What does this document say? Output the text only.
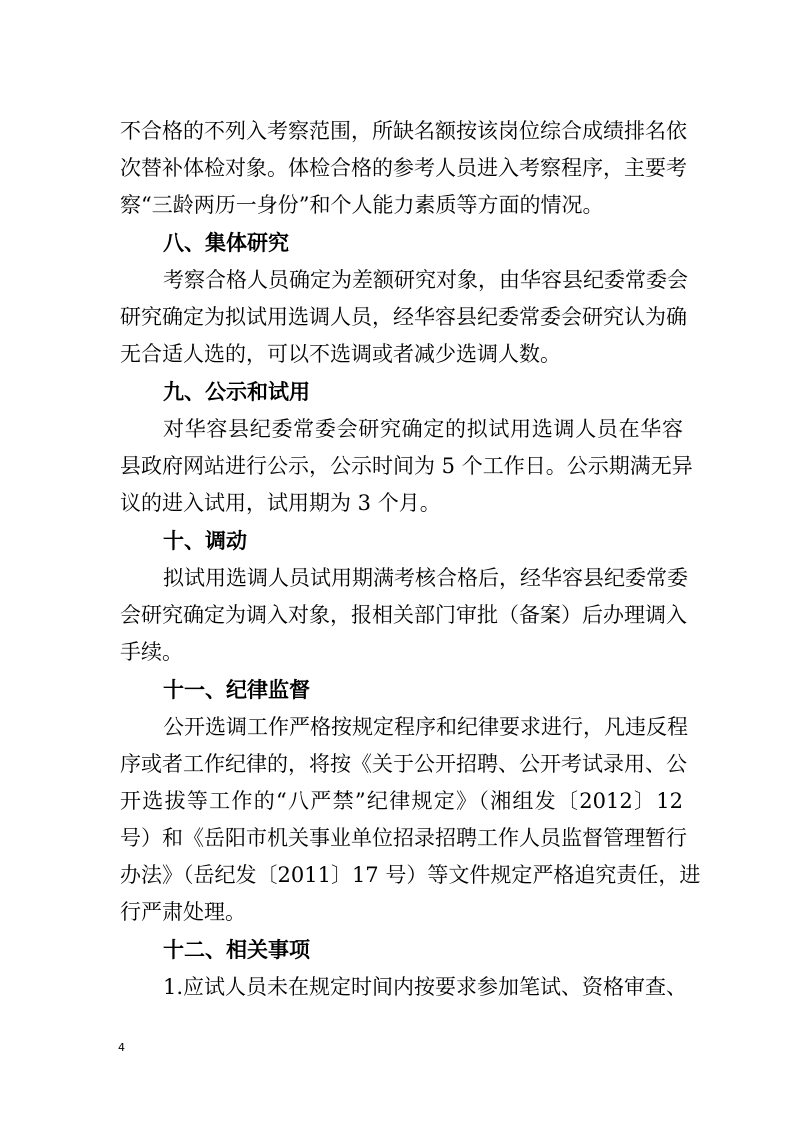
不合格的不列入考察范围，所缺名额按该岗位综合成绩排名依
次替补体检对象。体检合格的参考人员进入考察程序，主要考
察“三龄两历一身份”和个人能力素质等方面的情况。
八、集体研究
考察合格人员确定为差额研究对象，由华容县纪委常委会
研究确定为拟试用选调人员，经华容县纪委常委会研究认为确
无合适人选的，可以不选调或者减少选调人数。
九、公示和试用
对华容县纪委常委会研究确定的拟试用选调人员在华容
县政府网站进行公示，公示时间为 5 个工作日。公示期满无异
议的进入试用，试用期为 3 个月。
十、调动
拟试用选调人员试用期满考核合格后，经华容县纪委常委
会研究确定为调入对象，报相关部门审批（备案）后办理调入
手续。
十一、纪律监督
公开选调工作严格按规定程序和纪律要求进行，凡违反程
序或者工作纪律的，将按《关于公开招聘、公开考试录用、公
开选拔等工作的“八严禁”纪律规定》（湘组发〔2012〕12
号）和《岳阳市机关事业单位招录招聘工作人员监督管理暂行
办法》（岳纪发〔2011〕17 号）等文件规定严格追究责任，进
行严肃处理。
十二、相关事项
1.应试人员未在规定时间内按要求参加笔试、资格审查、
4
